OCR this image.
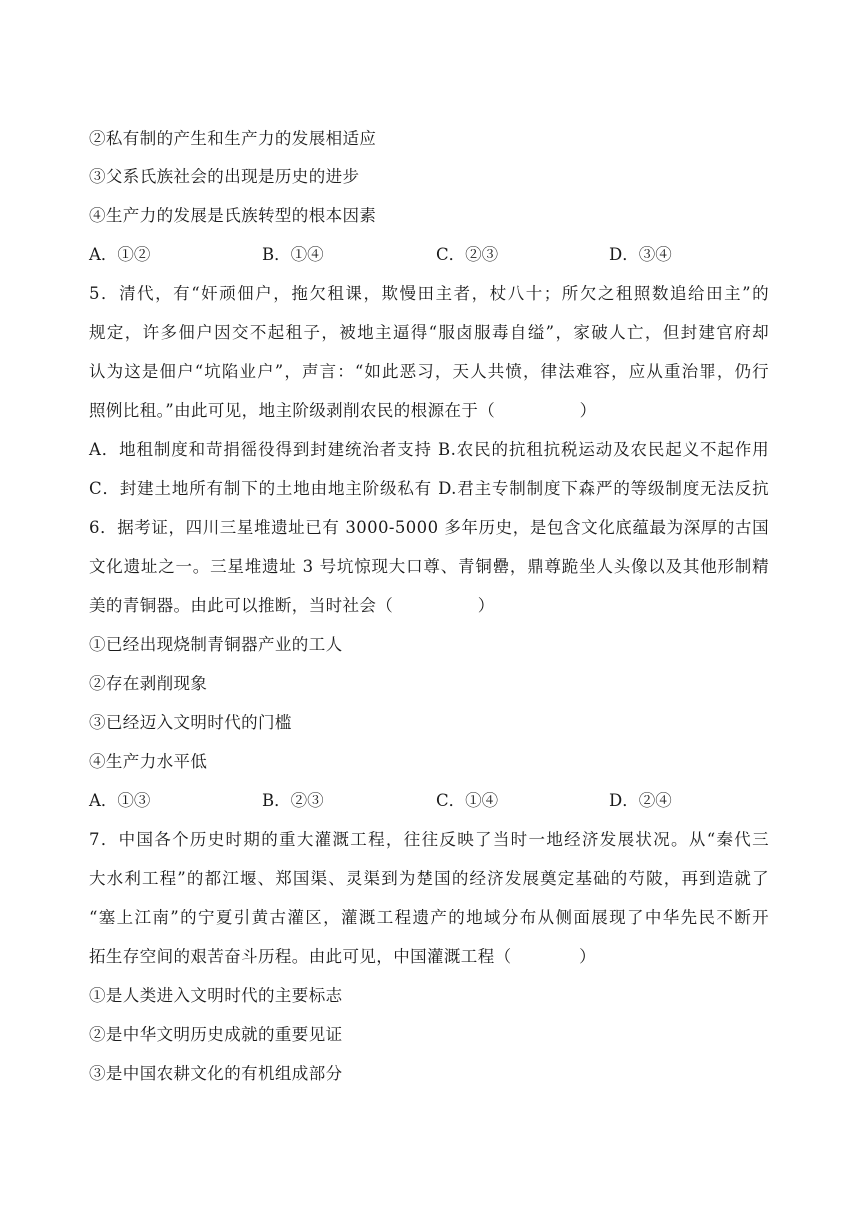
②私有制的产生和生产力的发展相适应
③父系氏族社会的出现是历史的进步
④生产力的发展是氏族转型的根本因素
A．①②	B．①④	C．②③	D．③④
5．清代，有“奸顽佃户，拖欠租课，欺慢田主者，杖八十；所欠之租照数追给田主”的
规定，许多佃户因交不起租子，被地主逼得“服卤服毒自缢”，家破人亡，但封建官府却
认为这是佃户“坑陷业户”，声言：“如此恶习，天人共愤，律法难容，应从重治罪，仍行
照例比租。”由此可见，地主阶级剥削农民的根源在于（　　　　　）
A．地租制度和苛捐徭役得到封建统治者支持 B.农民的抗租抗税运动及农民起义不起作用
C．封建土地所有制下的土地由地主阶级私有 D.君主专制制度下森严的等级制度无法反抗
6．据考证，四川三星堆遗址已有 3000-5000 多年历史，是包含文化底蕴最为深厚的古国
文化遗址之一。三星堆遗址 3 号坑惊现大口尊、青铜罍，鼎尊跪坐人头像以及其他形制精
美的青铜器。由此可以推断，当时社会（　　　　　）
①已经出现烧制青铜器产业的工人
②存在剥削现象
③已经迈入文明时代的门槛
④生产力水平低
A．①③	B．②③	C．①④	D．②④
7．中国各个历史时期的重大灌溉工程，往往反映了当时一地经济发展状况。从“秦代三
大水利工程”的都江堰、郑国渠、灵渠到为楚国的经济发展奠定基础的芍陂，再到造就了
“塞上江南”的宁夏引黄古灌区，灌溉工程遗产的地域分布从侧面展现了中华先民不断开
拓生存空间的艰苦奋斗历程。由此可见，中国灌溉工程（　　　　）
①是人类进入文明时代的主要标志
②是中华文明历史成就的重要见证
③是中国农耕文化的有机组成部分
